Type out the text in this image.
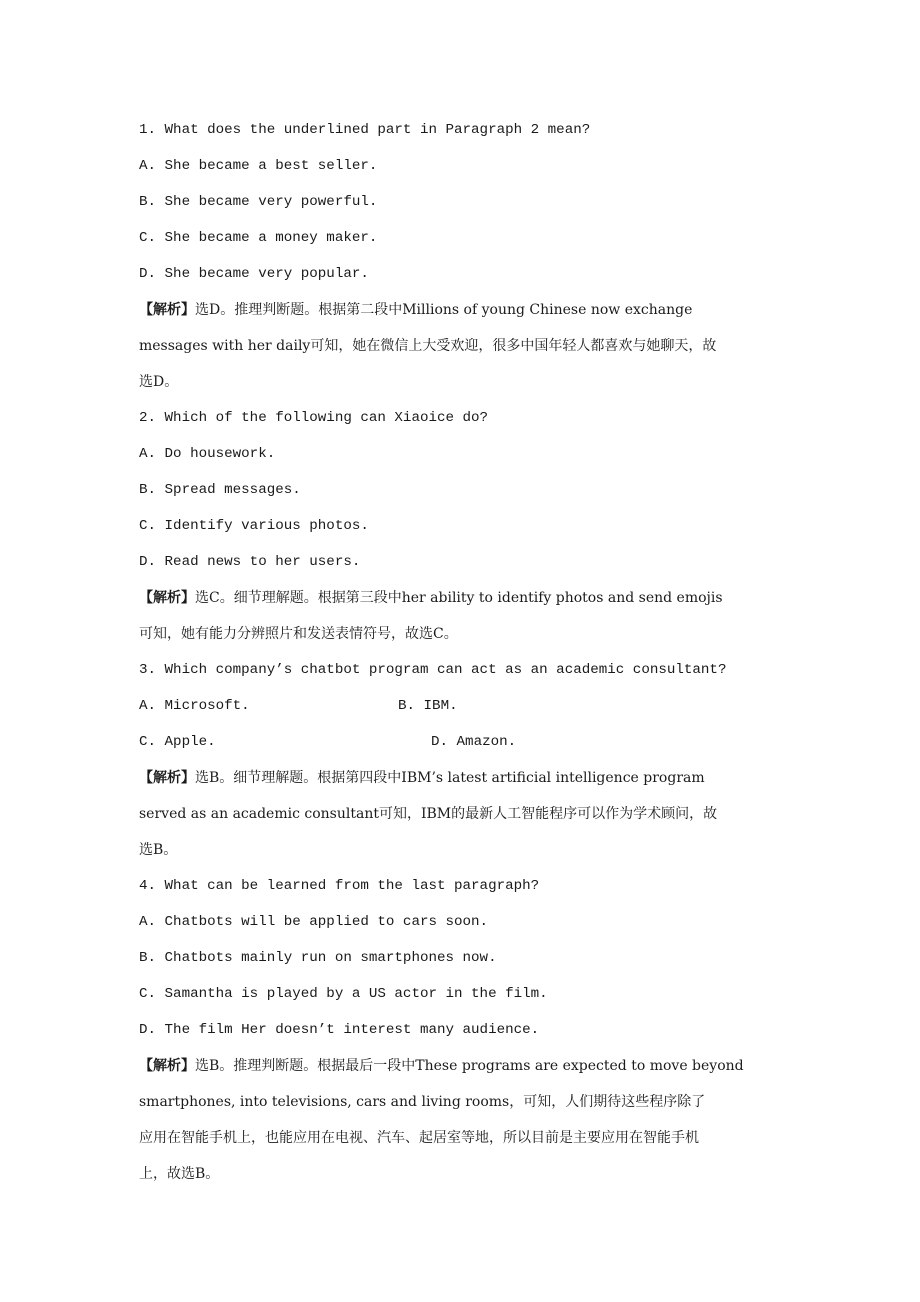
1. What does the underlined part in Paragraph 2 mean?
A. She became a best seller.
B. She became very powerful.
C. She became a money maker.
D. She became very popular.
【解析】选D。推理判断题。根据第二段中Millions of young Chinese now exchange
messages with her daily可知，她在微信上大受欢迎，很多中国年轻人都喜欢与她聊天，故
选D。
2. Which of the following can Xiaoice do?
A. Do housework.
B. Spread messages.
C. Identify various photos.
D. Read news to her users.
【解析】选C。细节理解题。根据第三段中her ability to identify photos and send emojis
可知，她有能力分辨照片和发送表情符号，故选C。
3. Which company’s chatbot program can act as an academic consultant?
A. Microsoft.	B. IBM.
C. Apple.	D. Amazon.
【解析】选B。细节理解题。根据第四段中IBM’s latest artificial intelligence program
served as an academic consultant可知，IBM的最新人工智能程序可以作为学术顾问，故
选B。
4. What can be learned from the last paragraph?
A. Chatbots will be applied to cars soon.
B. Chatbots mainly run on smartphones now.
C. Samantha is played by a US actor in the film.
D. The film Her doesn’t interest many audience.
【解析】选B。推理判断题。根据最后一段中These programs are expected to move beyond
smartphones, into televisions, cars and living rooms，可知，人们期待这些程序除了
应用在智能手机上，也能应用在电视、汽车、起居室等地，所以目前是主要应用在智能手机
上，故选B。
